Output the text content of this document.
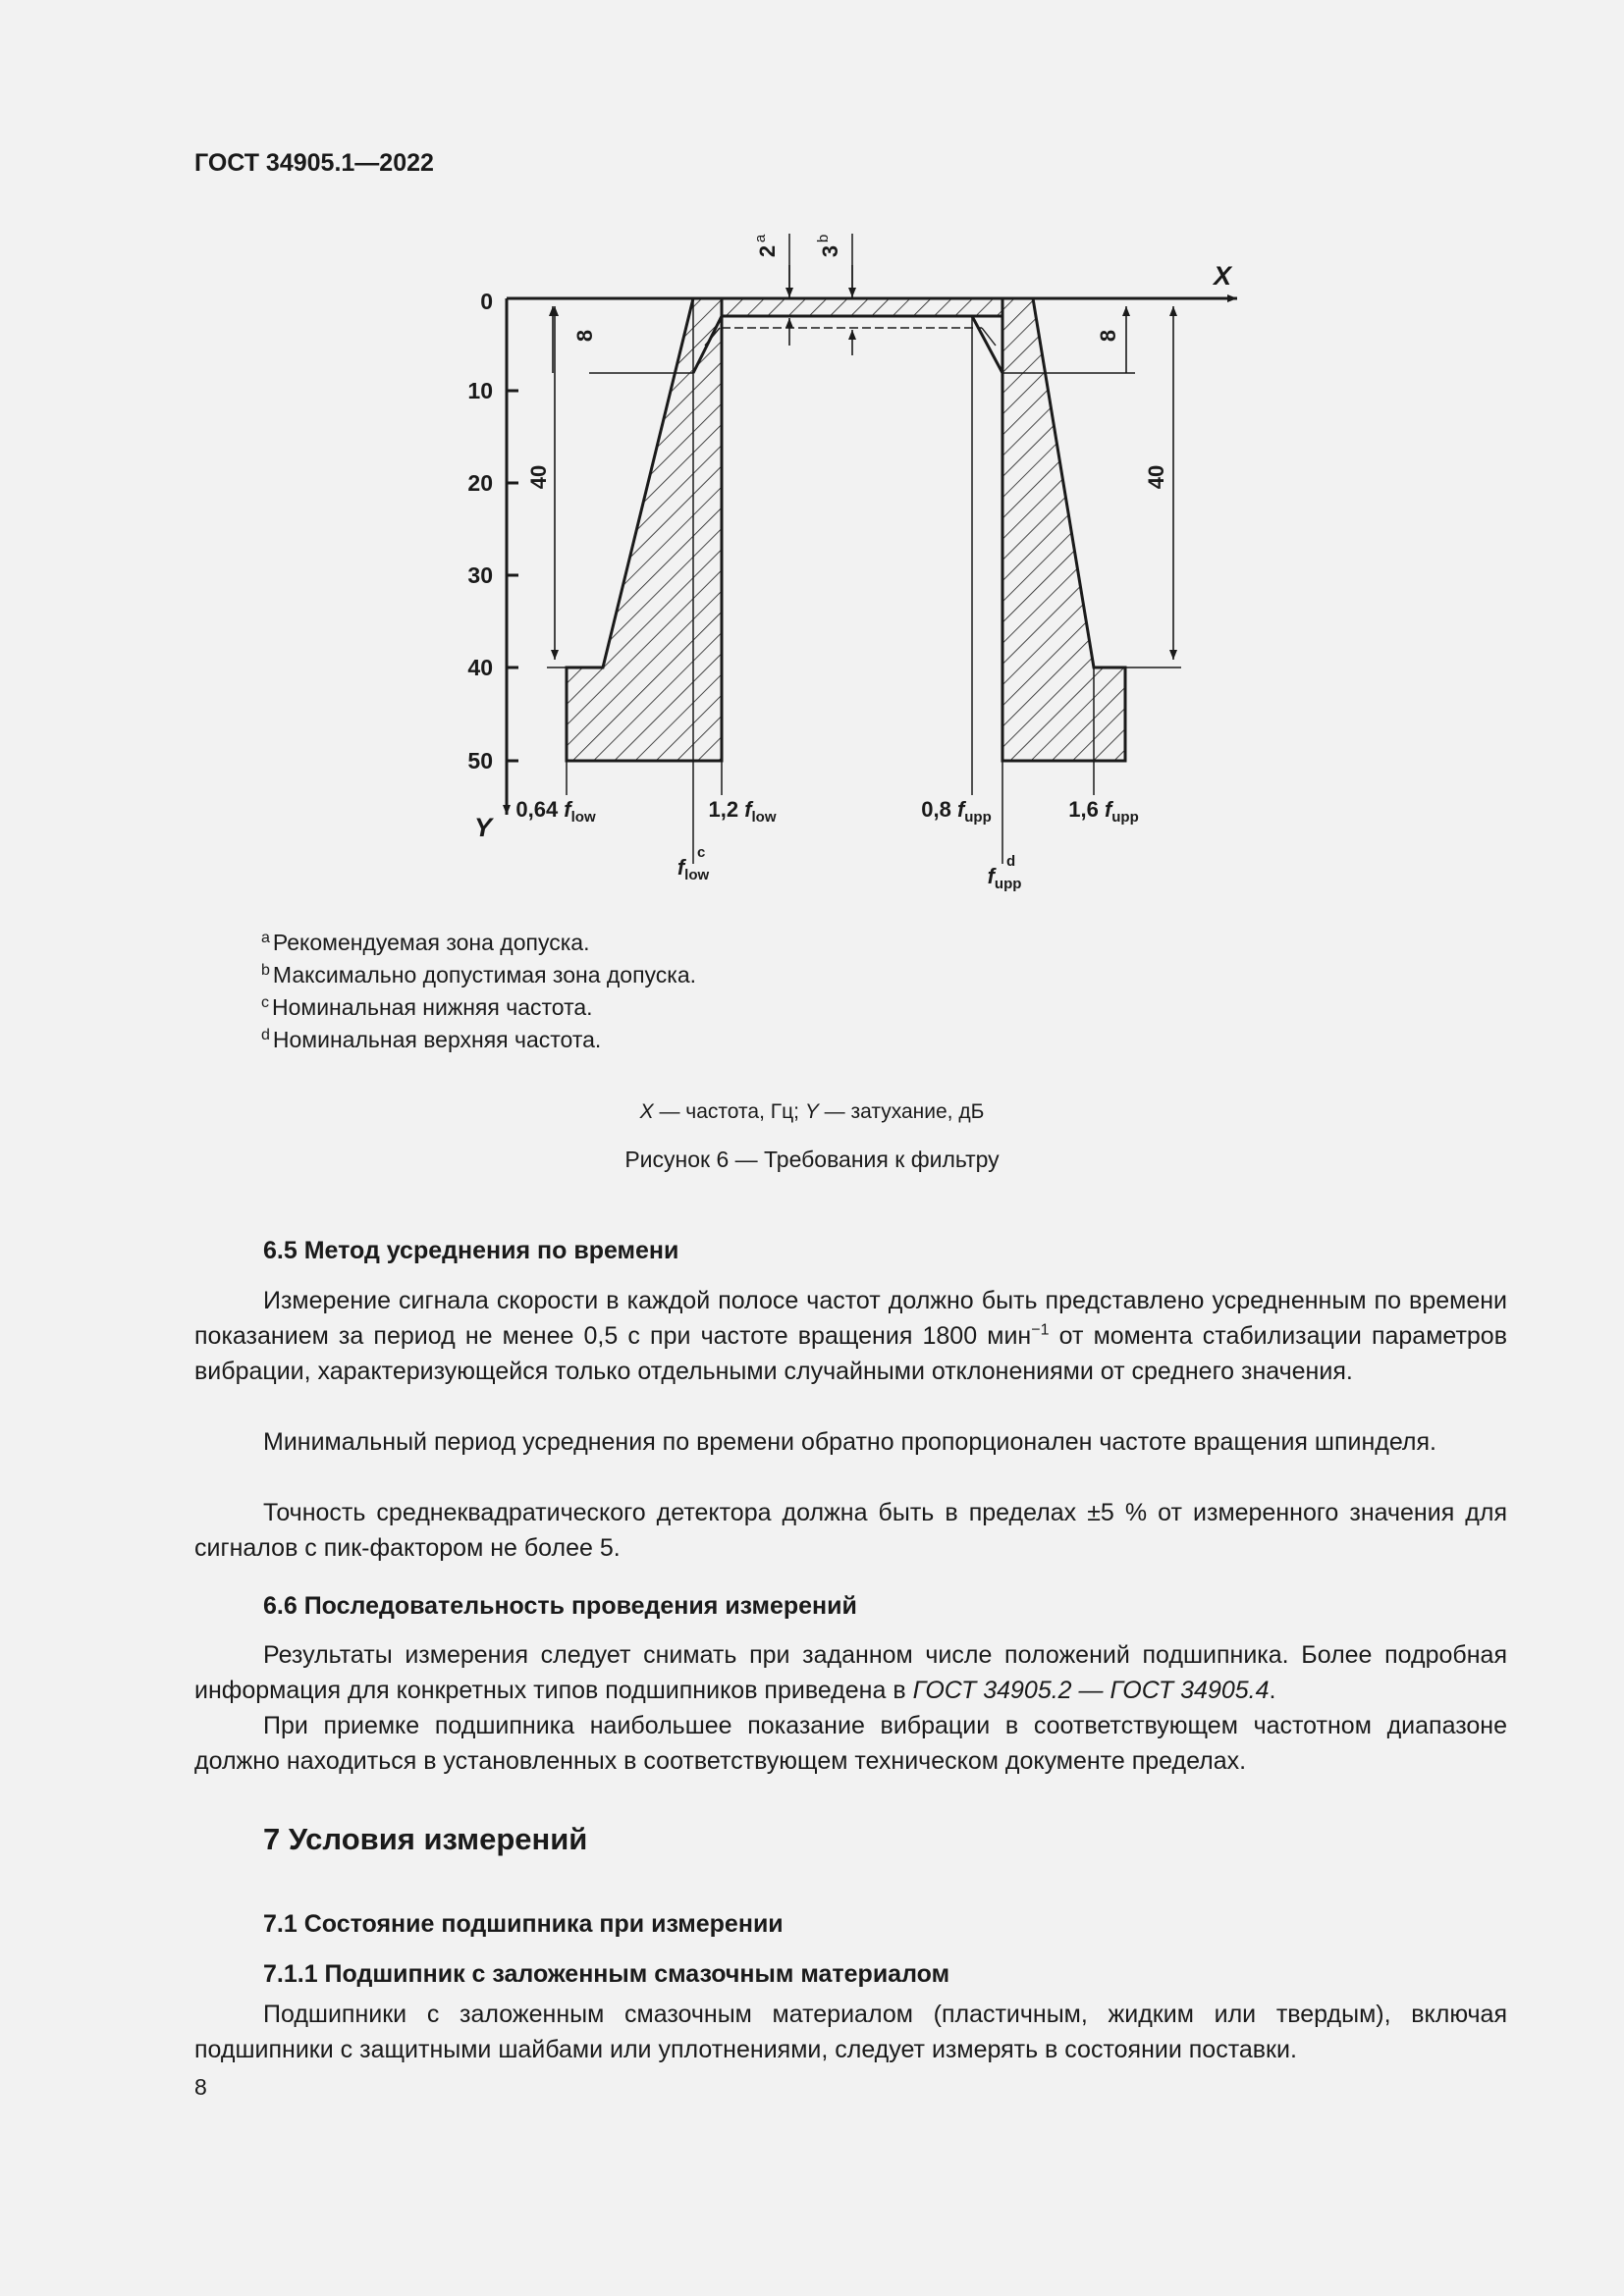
ГОСТ 34905.1—2022
0
10
20
30
40
50
X
Y
8	8
40	40
2 3
a	b
0,64 $f_{low}$	1,2 $f_{low}$	0,8 $f_{upp}$	1,6 $f_{upp}$
$f_{low}$	$f_{upp}$
c
d
$^a$ Рекомендуемая зона допуска.
$^b$ Максимально допустимая зона допуска.
$^c$ Номинальная нижняя частота.
$^d$ Номинальная верхняя частота.
X — частота, Гц; Y — затухание, дБ
Рисунок 6 — Требования к фильтру
6.5 Метод усреднения по времени
Измерение сигнала скорости в каждой полосе частот должно быть представлено усредненным по времени показанием за период не менее 0,5 с при частоте вращения 1800 мин$^{-1}$ от момента стабилизации параметров вибрации, характеризующейся только отдельными случайными отклонениями от среднего значения.
Минимальный период усреднения по времени обратно пропорционален частоте вращения шпинделя.
Точность среднеквадратического детектора должна быть в пределах ±5 % от измеренного значения для сигналов с пик-фактором не более 5.
6.6 Последовательность проведения измерений
Результаты измерения следует снимать при заданном числе положений подшипника. Более подробная информация для конкретных типов подшипников приведена в ГОСТ 34905.2 — ГОСТ 34905.4.
При приемке подшипника наибольшее показание вибрации в соответствующем частотном диапазоне должно находиться в установленных в соответствующем техническом документе пределах.
7 Условия измерений
7.1 Состояние подшипника при измерении
7.1.1 Подшипник с заложенным смазочным материалом
Подшипники с заложенным смазочным материалом (пластичным, жидким или твердым), включая подшипники с защитными шайбами или уплотнениями, следует измерять в состоянии поставки.
8
